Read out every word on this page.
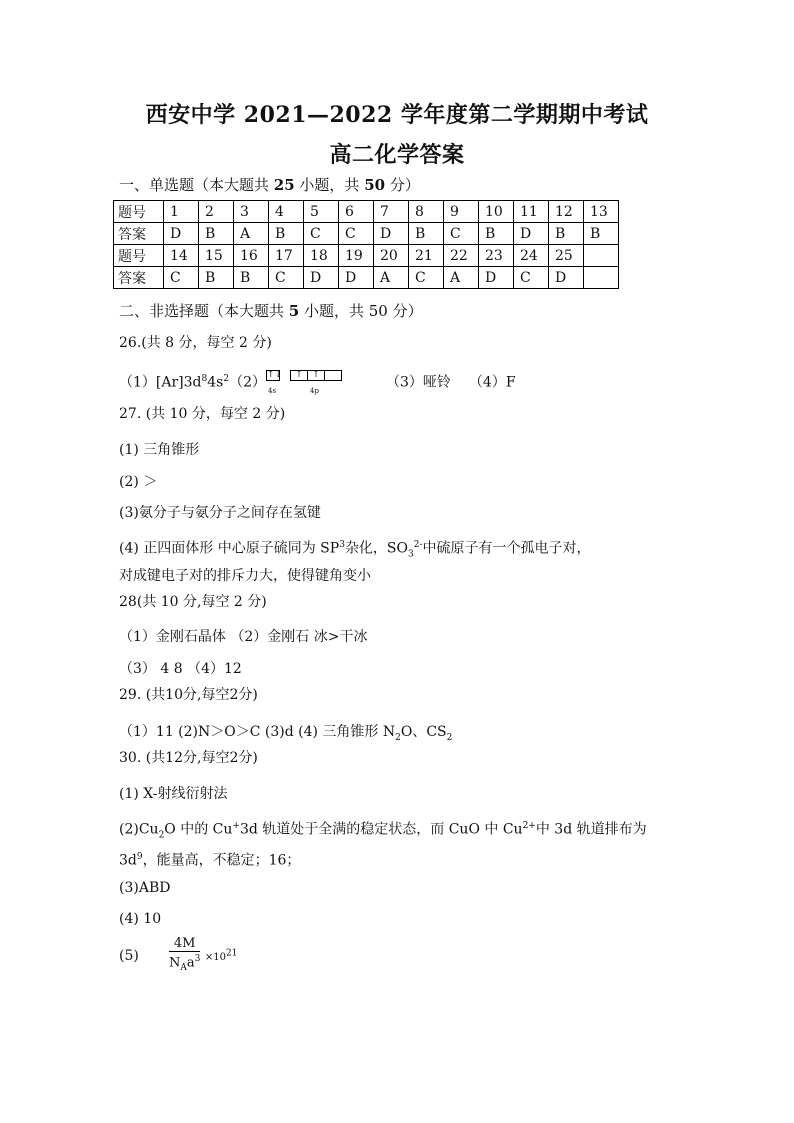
西安中学 2021—2022 学年度第二学期期中考试
高二化学答案
一、单选题（本大题共 25 小题，共 50 分）
题号	1	2	3	4	5	6	7	8	9	10	11	12	13
答案	D	B	A	B	C	C	D	B	C	B	D	B	B
题号	14	15	16	17	18	19	20	21	22	23	24	25	
答案	C	B	B	C	D	D	A	C	A	D	C	D	
二、非选择题（本大题共 5 小题，共 50 分）
26.(共 8 分，每空 2 分)
$(1)[Ar]3d^84s^2(2)$ ↑↓	↑	↑
4s	4p
（3）哑铃 （4）F
27. (共 10 分，每空 2 分)
(1) 三角锥形
(2) ＞
(3)氨分子与氨分子之间存在氢键
(4) 正四面体形 中心原子硫同为 $SP^3$杂化，$SO_3^{2-}$中硫原子有一个孤电子对，
对成键电子对的排斥力大，使得键角变小
28(共 10 分,每空 2 分)
（1）金刚石晶体 （2）金刚石 冰>干冰
（3） 4 8 （4）12
29. (共10分,每空2分)
（1）11 (2)N＞O＞C (3)d (4) 三角锥形 $N_2O$、$CS_2$
30. (共12分,每空2分)
(1) X-射线衍射法
$(2)Cu_2O$ 中的 Cu+3d 轨道处于全满的稳定状态，而 CuO 中 $Cu^{2+}$中 3d 轨道排布为
$3d^9$，能量高，不稳定；16；
(3)ABD
(4) 10
$(5) \frac{4M}{N_Aa^3} \times 10^{21}$
